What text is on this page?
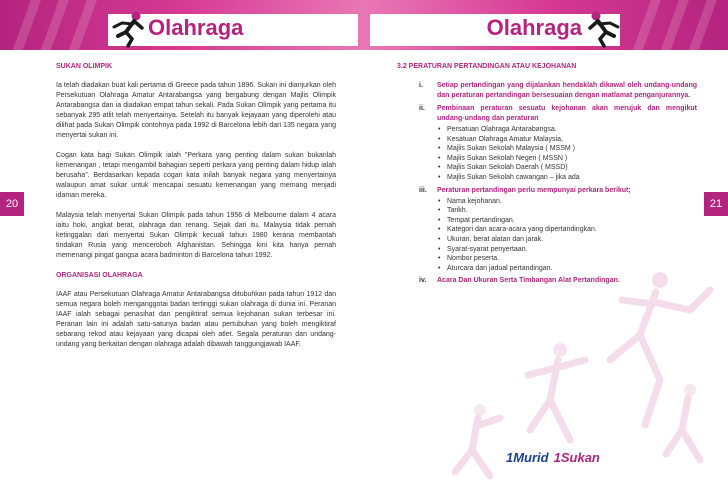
Olahraga	Olahraga
20	21
SUKAN OLIMPIK

Ia telah diadakan buat kali pertama di Greece pada tahun 1896. Sukan ini dianjurkan oleh Persekutuan Olahraga Amatur Antarabangsa yang bergabung dengan Majlis Olimpik Antarabangsa dan ia diadakan empat tahun sekali. Pada Sukan Olimpik yang pertama itu sebanyak 295 atlit telah menyertainya. Setelah itu banyak kejayaan yang diperolehi atau dilihat pada Sukan Olimpik contohnya pada 1992 di Barcelona lebih dari 135 negara yang menyertai sukan ini.

Cogan kata bagi Sukan Olimpik ialah "Perkara yang penting dalam sukan bukanlah kemenangan , tetapi mengambil bahagian seperti perkara yang penting dalam hidup ialah berusaha". Berdasarkan kepada cogan kata inilah banyak negara yang menyertainya walaupun amat sukar untuk mencapai sesuatu kemenangan yang memang menjadi idaman mereka.

Malaysia telah menyertai Sukan Olimpik pada tahun 1956 di Melbourne dalam 4 acara iaitu hoki, angkat berat, olahraga dan renang. Sejak dari itu, Malaysia tidak pernah ketinggalan dari menyertai Sukan Olimpik kecuali tahun 1980 kerana membantah tindakan Rusia yang menceroboh Afghanistan. Sehingga kini kita hanya pernah memenangi pingat gangsa acara badminton di Barcelona tahun 1992.

ORGANISASI OLAHRAGA

IAAF atau Persekutuan Olahraga Amatur Antarabangsa ditubuhkan pada tahun 1912 dan semua negara boleh menganggotai badan tertinggi sukan olahraga di dunia ini. Peranan IAAF ialah sebagai penasihat dan pengiktiraf semua kejohanan sukan terbesar ini. Peranan lain ini adalah satu-satunya badan atau pertubuhan yang boleh mengiktiraf sebarang rekod atau kejayaan yang dicapai oleh atlet. Segala peraturan dan undang-undang yang berkaitan dengan olahraga adalah dibawah tanggungjawab IAAF.

3.2 PERATURAN PERTANDINGAN ATAU KEJOHANAN
i.	Setiap pertandingan yang dijalankan hendaklah dikawal oleh undang-undang dan peraturan pertandingan bersesuaian dengan matlamat penganjurannya.
ii.	Pembinaan peraturan sesuatu kejohanan akan merujuk dan mengikut undang-undang dan peraturan
• Persatuan Olahraga Antarabangsa.
• Kesatuan Olahraga Amatur Malaysia,
• Majlis Sukan Sekolah Malaysia ( MSSM )
• Majlis Sukan Sekolah Negeri ( MSSN )
• Majlis Sukan Sekolah Daerah ( MSSD)
• Majlis Sukan Sekolah cawangan – jika ada
iii.	Peraturan pertandingan perlu mempunyai perkara berikut;
• Nama kejohanan.
• Tarikh.
• Tempat pertandingan.
• Kategori dan acara-acara yang dipertandingkan.
• Ukuran, berat alatan dan jarak.
• Syarat-syarat penyertaan.
• Nombor peserta.
• Aturcara dan jadual pertandingan.
iv.	Acara Dan Ukuran Serta Timbangan Alat Pertandingan.
1Murid 1Sukan
